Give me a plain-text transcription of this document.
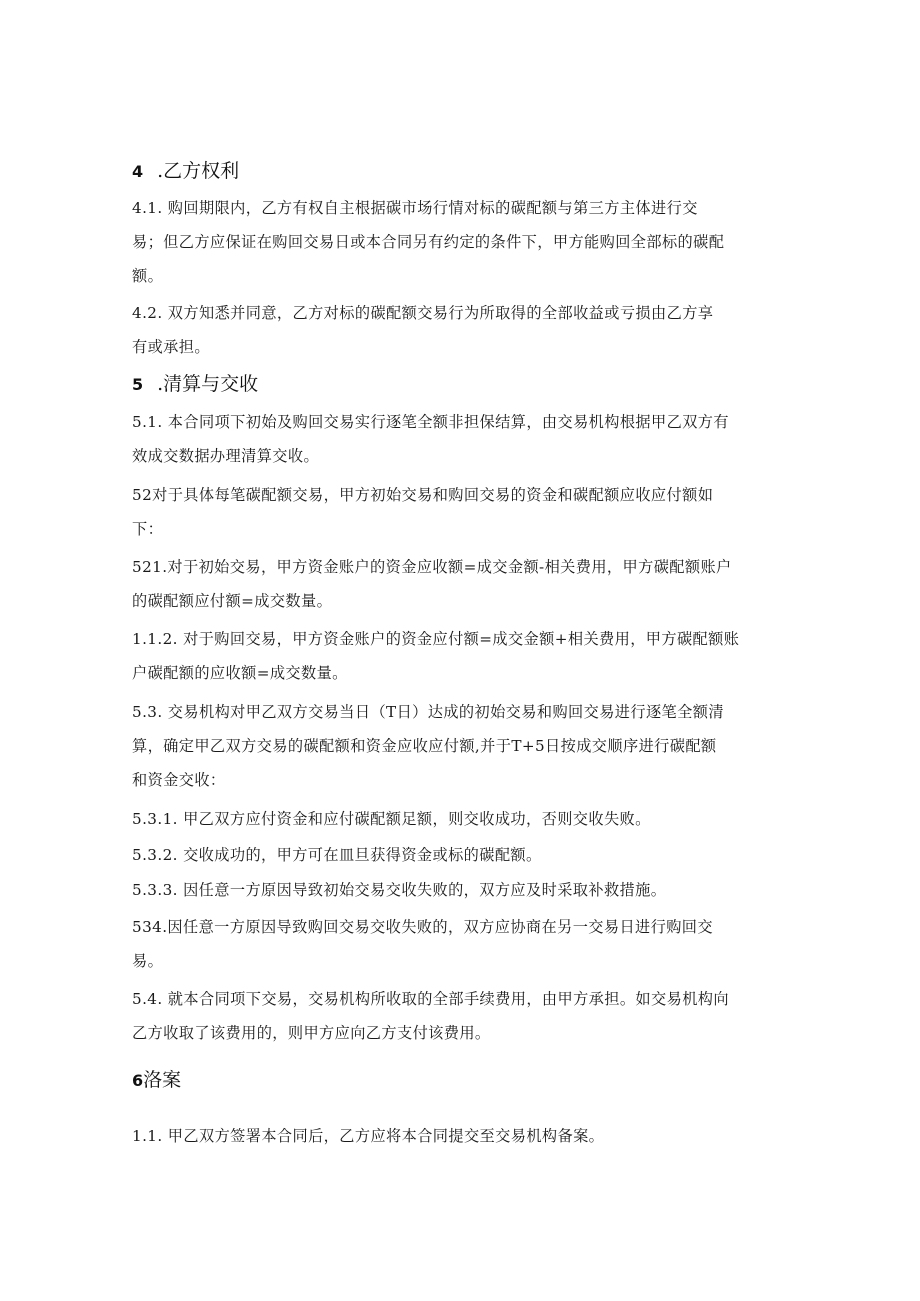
4 .乙方权利
4.1. 购回期限内，乙方有权自主根据碳市场行情对标的碳配额与第三方主体进行交
易；但乙方应保证在购回交易日或本合同另有约定的条件下，甲方能购回全部标的碳配
额。
4.2. 双方知悉并同意，乙方对标的碳配额交易行为所取得的全部收益或亏损由乙方享
有或承担。
5 .清算与交收
5.1. 本合同项下初始及购回交易实行逐笔全额非担保结算，由交易机构根据甲乙双方有
效成交数据办理清算交收。
52对于具体每笔碳配额交易，甲方初始交易和购回交易的资金和碳配额应收应付额如
下：
521.对于初始交易，甲方资金账户的资金应收额=成交金额-相关费用，甲方碳配额账户
的碳配额应付额=成交数量。
1.1.2. 对于购回交易，甲方资金账户的资金应付额=成交金额+相关费用，甲方碳配额账
户碳配额的应收额=成交数量。
5.3. 交易机构对甲乙双方交易当日（T日）达成的初始交易和购回交易进行逐笔全额清
算，确定甲乙双方交易的碳配额和资金应收应付额,并于T+5日按成交顺序进行碳配额
和资金交收：
5.3.1. 甲乙双方应付资金和应付碳配额足额，则交收成功，否则交收失败。
5.3.2. 交收成功的，甲方可在皿旦获得资金或标的碳配额。
5.3.3. 因任意一方原因导致初始交易交收失败的，双方应及时采取补救措施。
534.因任意一方原因导致购回交易交收失败的，双方应协商在另一交易日进行购回交
易。
5.4. 就本合同项下交易，交易机构所收取的全部手续费用，由甲方承担。如交易机构向
乙方收取了该费用的，则甲方应向乙方支付该费用。
6洛案
1.1. 甲乙双方签署本合同后，乙方应将本合同提交至交易机构备案。
